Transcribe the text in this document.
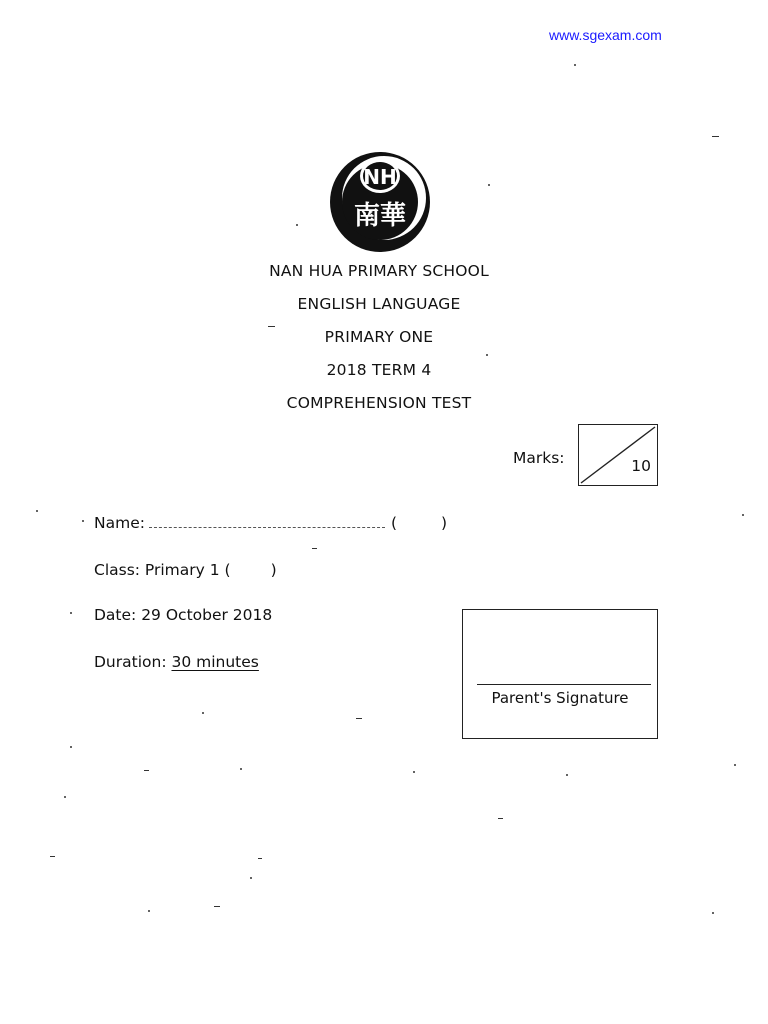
www.sgexam.com
NH
南華
NAN HUA PRIMARY SCHOOL
ENGLISH LANGUAGE
PRIMARY ONE
2018 TERM 4
COMPREHENSION TEST
Marks:	10
Name:	(	)
Class: Primary 1 (	)
Date: 29 October 2018
Duration: 30 minutes
Parent's Signature
